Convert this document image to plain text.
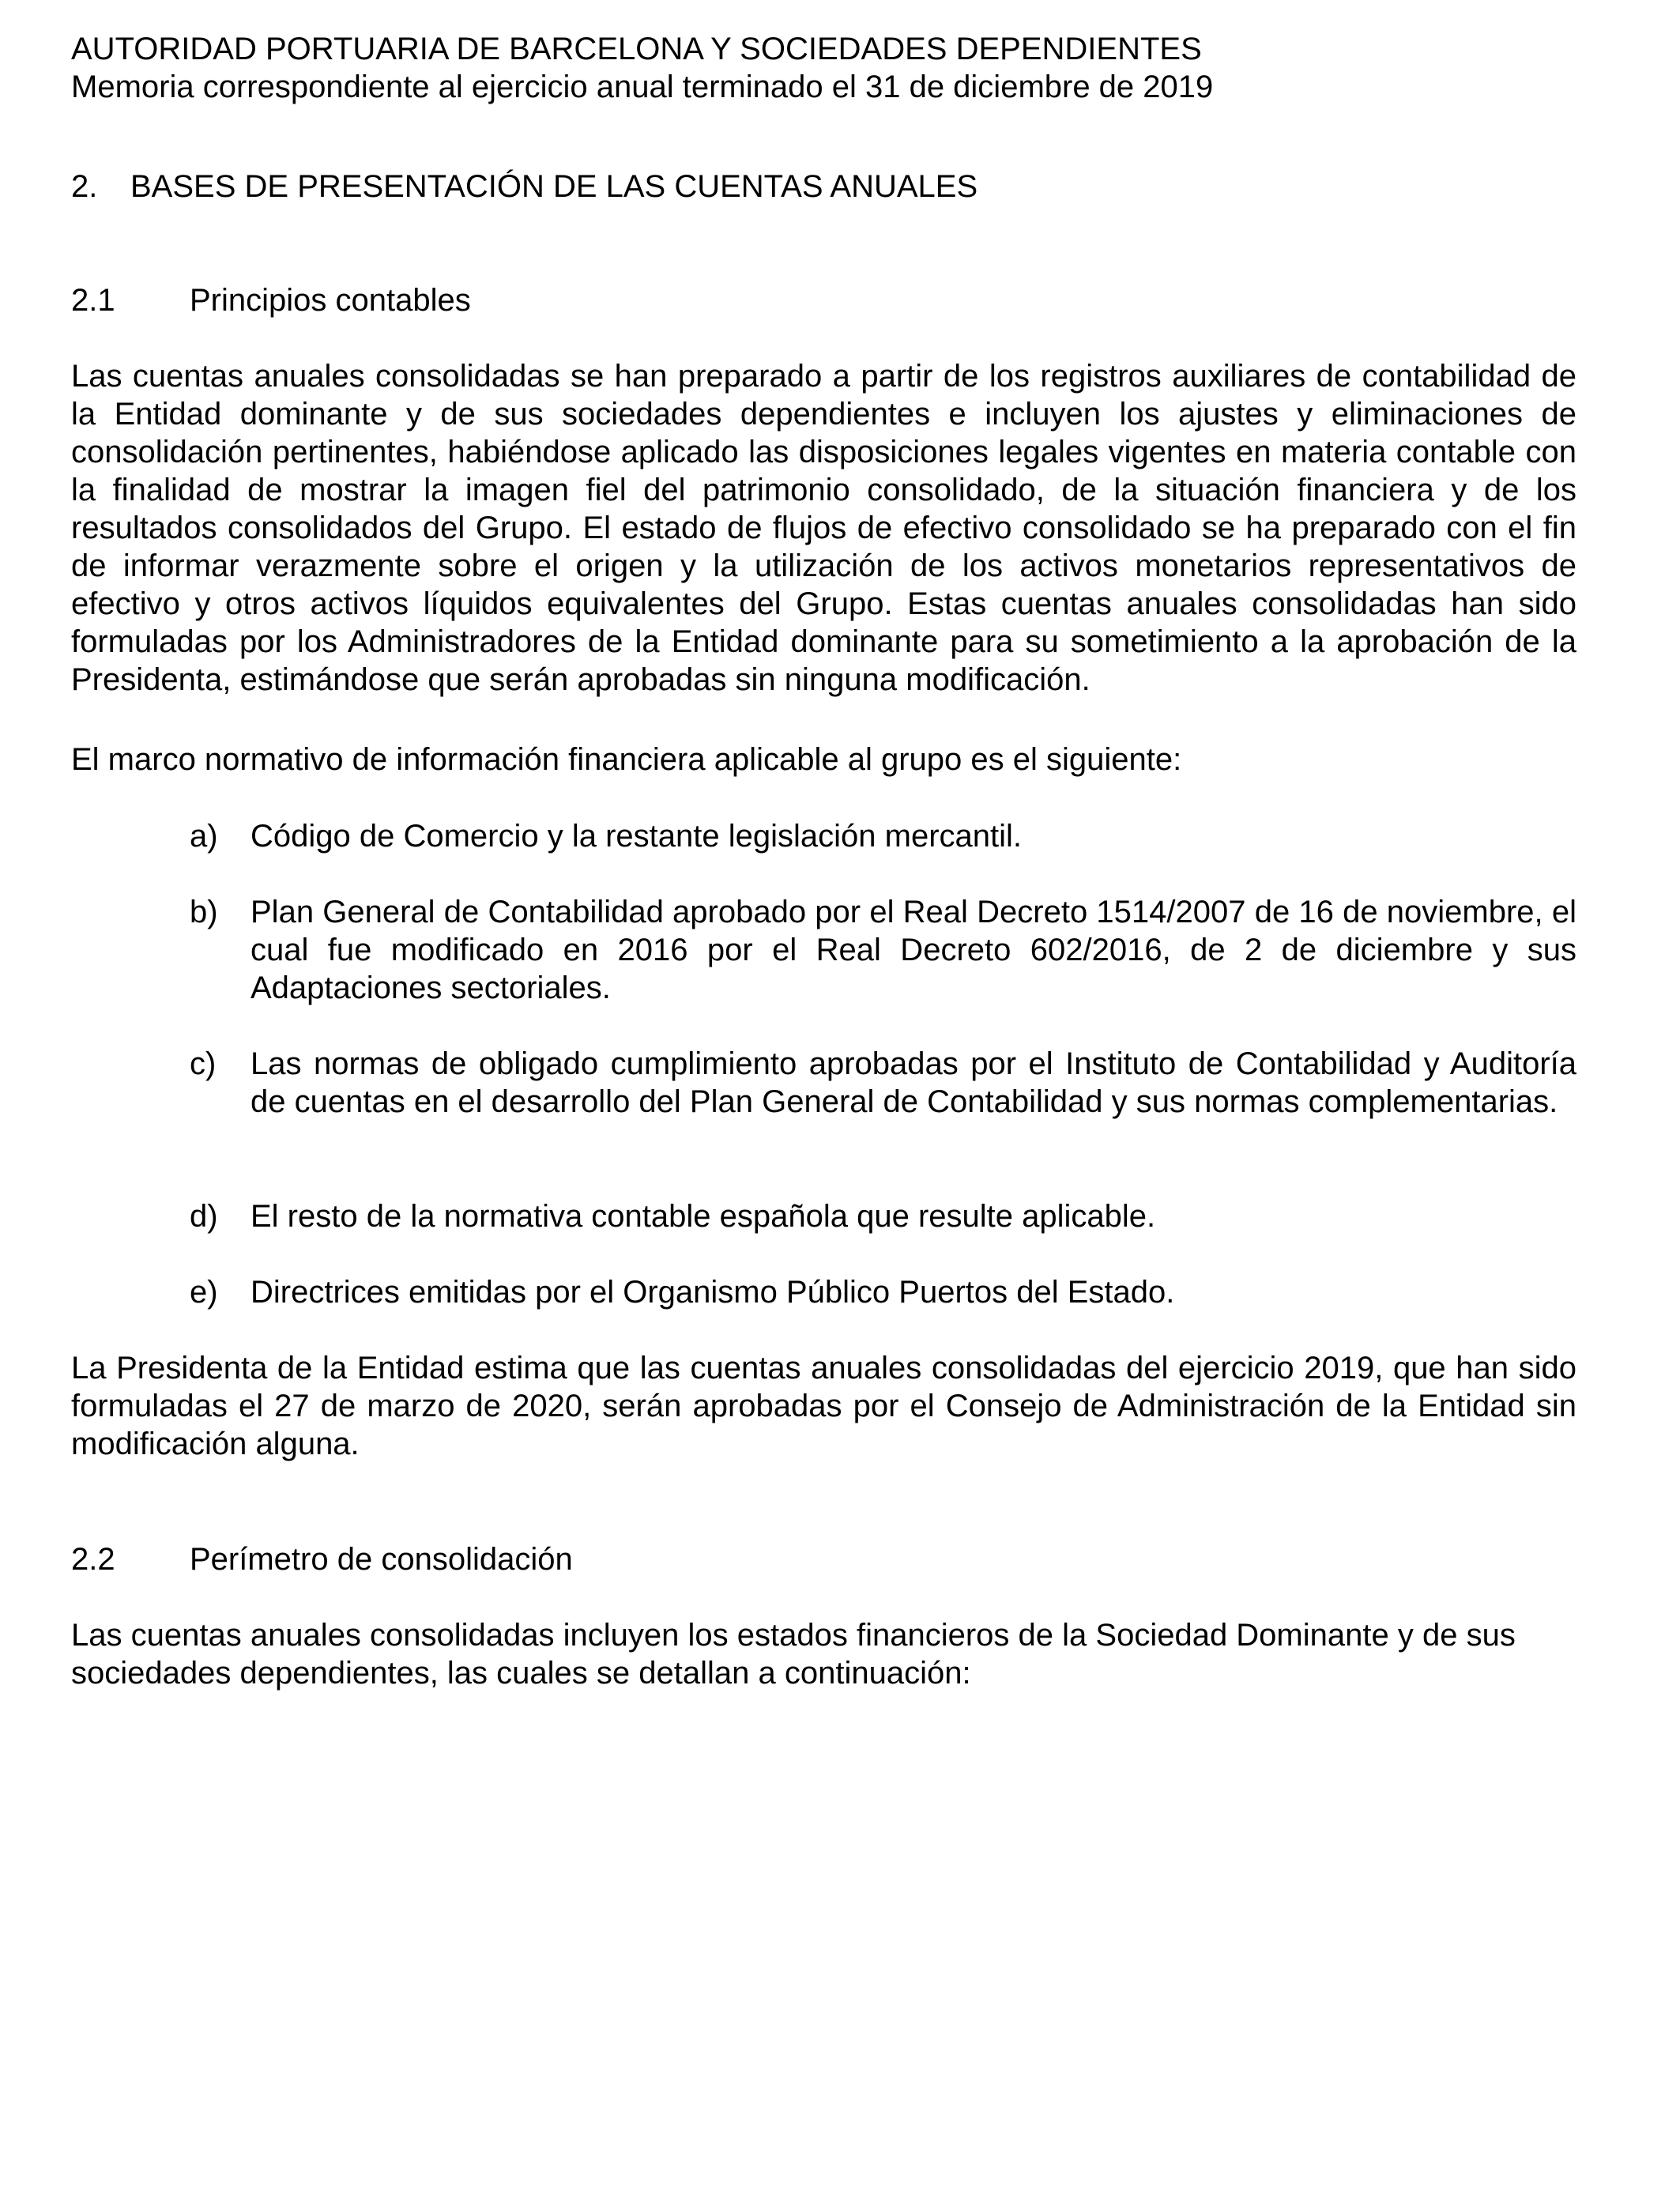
AUTORIDAD PORTUARIA DE BARCELONA Y SOCIEDADES DEPENDIENTES
Memoria correspondiente al ejercicio anual terminado el 31 de diciembre de 2019
2. BASES DE PRESENTACIÓN DE LAS CUENTAS ANUALES
2.1 Principios contables

Las cuentas anuales consolidadas se han preparado a partir de los registros auxiliares de contabilidad de la Entidad dominante y de sus sociedades dependientes e incluyen los ajustes y eliminaciones de consolidación pertinentes, habiéndose aplicado las disposiciones legales vigentes en materia contable con la finalidad de mostrar la imagen fiel del patrimonio consolidado, de la situación financiera y de los resultados consolidados del Grupo. El estado de flujos de efectivo consolidado se ha preparado con el fin de informar verazmente sobre el origen y la utilización de los activos monetarios representativos de efectivo y otros activos líquidos equivalentes del Grupo. Estas cuentas anuales consolidadas han sido formuladas por los Administradores de la Entidad dominante para su sometimiento a la aprobación de la Presidenta, estimándose que serán aprobadas sin ninguna modificación.

El marco normativo de información financiera aplicable al grupo es el siguiente:

a) Código de Comercio y la restante legislación mercantil.
b) Plan General de Contabilidad aprobado por el Real Decreto 1514/2007 de 16 de noviembre, el cual fue modificado en 2016 por el Real Decreto 602/2016, de 2 de diciembre y sus Adaptaciones sectoriales.
c) Las normas de obligado cumplimiento aprobadas por el Instituto de Contabilidad y Auditoría de cuentas en el desarrollo del Plan General de Contabilidad y sus normas complementarias.
d) El resto de la normativa contable española que resulte aplicable.
e) Directrices emitidas por el Organismo Público Puertos del Estado.

La Presidenta de la Entidad estima que las cuentas anuales consolidadas del ejercicio 2019, que han sido formuladas el 27 de marzo de 2020, serán aprobadas por el Consejo de Administración de la Entidad sin modificación alguna.

2.2 Perímetro de consolidación

Las cuentas anuales consolidadas incluyen los estados financieros de la Sociedad Dominante y de sus sociedades dependientes, las cuales se detallan a continuación:
